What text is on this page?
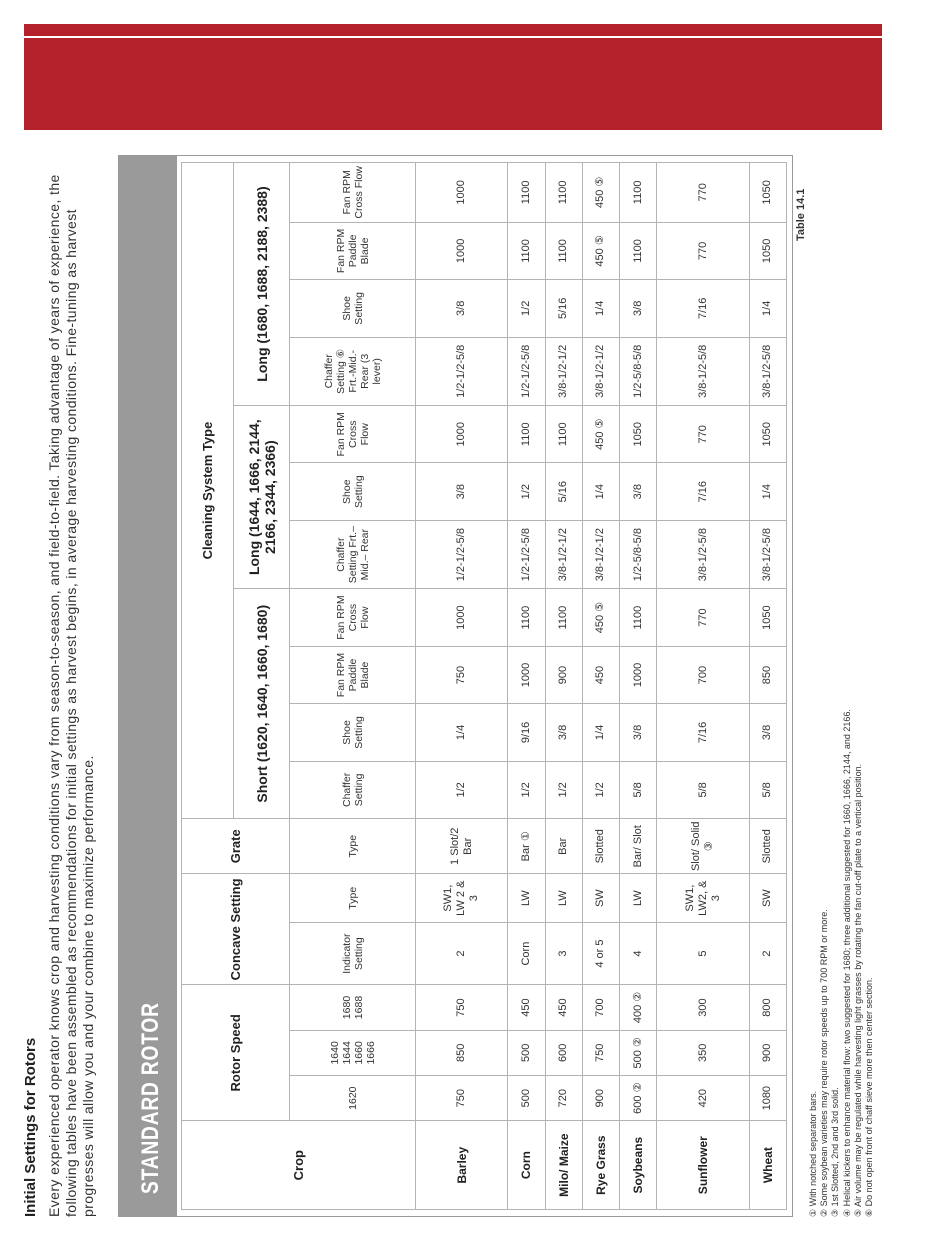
Initial Settings for Rotors Every experienced operator knows crop and harvesting conditions vary from season-to-season, and field-to-field. Taking advantage of years of experience, the following tables have been assembled as recommendations for initial settings as harvest begins, in average harvesting conditions. Fine-tuning as harvest progresses will allow you and your combine to maximize performance. STANDARD ROTOR	Crop	Rotor Speed			Concave Setting		Grate	Cleaning System Type										
							Short (1620, 1640, 1660, 1680)				Long (1644, 1666, 2144, 2166, 2344, 2366)			Long (1680, 1688, 2188, 2388)			
	1620	1640 1644 1660 1666	1680 1688	Indicator Setting	Type	Type	Chaffer Setting	Shoe Setting	Fan RPM Paddle Blade	Fan RPM Cross Flow	Chaffer Setting Frt.– Mid.– Rear	Shoe Setting	Fan RPM Cross Flow	Chaffer Setting ⑥ Frt.-Mid.- Rear (3 lever)	Shoe Setting	Fan RPM Paddle Blade	Fan RPM Cross Flow
Barley	750	850	750	2	SW1, LW 2 & 3	1 Slot/2 Bar	1/2	1/4	750	1000	1/2-1/2-5/8	3/8	1000	1/2-1/2-5/8	3/8	1000	1000
Corn	500	500	450	Corn	LW	Bar ①	1/2	9/16	1000	1100	1/2-1/2-5/8	1/2	1100	1/2-1/2-5/8	1/2	1100	1100
Milo/ Maize	720	600	450	3	LW	Bar	1/2	3/8	900	1100	3/8-1/2-1/2	5/16	1100	3/8-1/2-1/2	5/16	1100	1100
Rye Grass	900	750	700	4 or 5	SW	Slotted	1/2	1/4	450	450 ⑤	3/8-1/2-1/2	1/4	450 ⑤	3/8-1/2-1/2	1/4	450 ⑤	450 ⑤
Soybeans	600 ②	500 ②	400 ②	4	LW	Bar/ Slot	5/8	3/8	1000	1100	1/2-5/8-5/8	3/8	1050	1/2-5/8-5/8	3/8	1100	1100
Sunflower	420	350	300	5	SW1, LW2, & 3	Slot/ Solid ③	5/8	7/16	700	770	3/8-1/2-5/8	7/16	770	3/8-1/2-5/8	7/16	770	770
Wheat	1080	900	800	2	SW	Slotted	5/8	3/8	850	1050	3/8-1/2-5/8	1/4	1050	3/8-1/2-5/8	1/4	1050	1050 Table 14.1
① With notched separator bars. ② Some soybean varieties may require rotor speeds up to 700 RPM or more. ③ 1st Slotted, 2nd and 3rd solid. ④ Helical kickers to enhance material flow: two suggested for 1680; three additional suggested for 1660, 1666, 2144, and 2166. ⑤ Air volume may be regulated while harvesting light grasses by rotating the fan cut-off plate to a vertical position. ⑥ Do not open front of chaff sieve more then center section.
